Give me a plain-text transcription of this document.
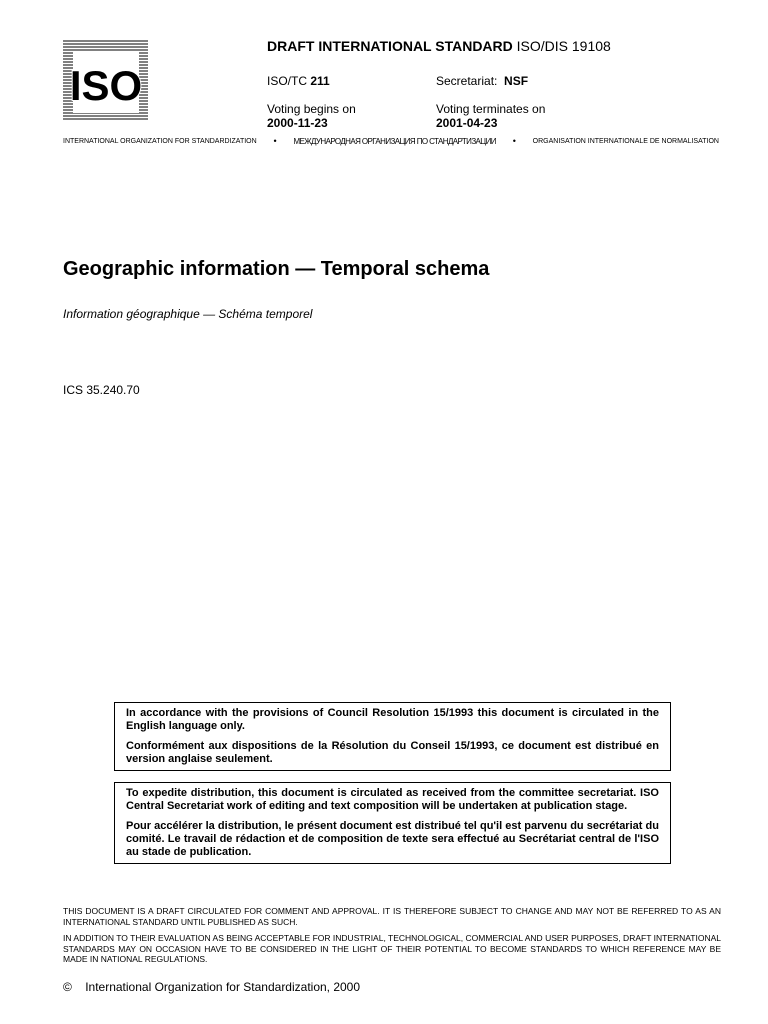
ISO
DRAFT INTERNATIONAL STANDARD ISO/DIS 19108
ISO/TC 211	Secretariat: NSF
Voting begins on
2000-11-23
Voting terminates on
2001-04-23
INTERNATIONAL ORGANIZATION FOR STANDARDIZATION • МЕЖДУНАРОДНАЯ ОРГАНИЗАЦИЯ ПО СТАНДАРТИЗАЦИИ • ORGANISATION INTERNATIONALE DE NORMALISATION
Geographic information — Temporal schema
Information géographique — Schéma temporel
ICS 35.240.70

In accordance with the provisions of Council Resolution 15/1993 this document is circulated in the English language only.

Conformément aux dispositions de la Résolution du Conseil 15/1993, ce document est distribué en version anglaise seulement.

To expedite distribution, this document is circulated as received from the committee secretariat. ISO Central Secretariat work of editing and text composition will be undertaken at publication stage.

Pour accélérer la distribution, le présent document est distribué tel qu'il est parvenu du secrétariat du comité. Le travail de rédaction et de composition de texte sera effectué au Secrétariat central de l'ISO au stade de publication.

THIS DOCUMENT IS A DRAFT CIRCULATED FOR COMMENT AND APPROVAL. IT IS THEREFORE SUBJECT TO CHANGE AND MAY NOT BE REFERRED TO AS AN INTERNATIONAL STANDARD UNTIL PUBLISHED AS SUCH.
IN ADDITION TO THEIR EVALUATION AS BEING ACCEPTABLE FOR INDUSTRIAL, TECHNOLOGICAL, COMMERCIAL AND USER PURPOSES, DRAFT INTERNATIONAL STANDARDS MAY ON OCCASION HAVE TO BE CONSIDERED IN THE LIGHT OF THEIR POTENTIAL TO BECOME STANDARDS TO WHICH REFERENCE MAY BE MADE IN NATIONAL REGULATIONS.
© International Organization for Standardization, 2000
